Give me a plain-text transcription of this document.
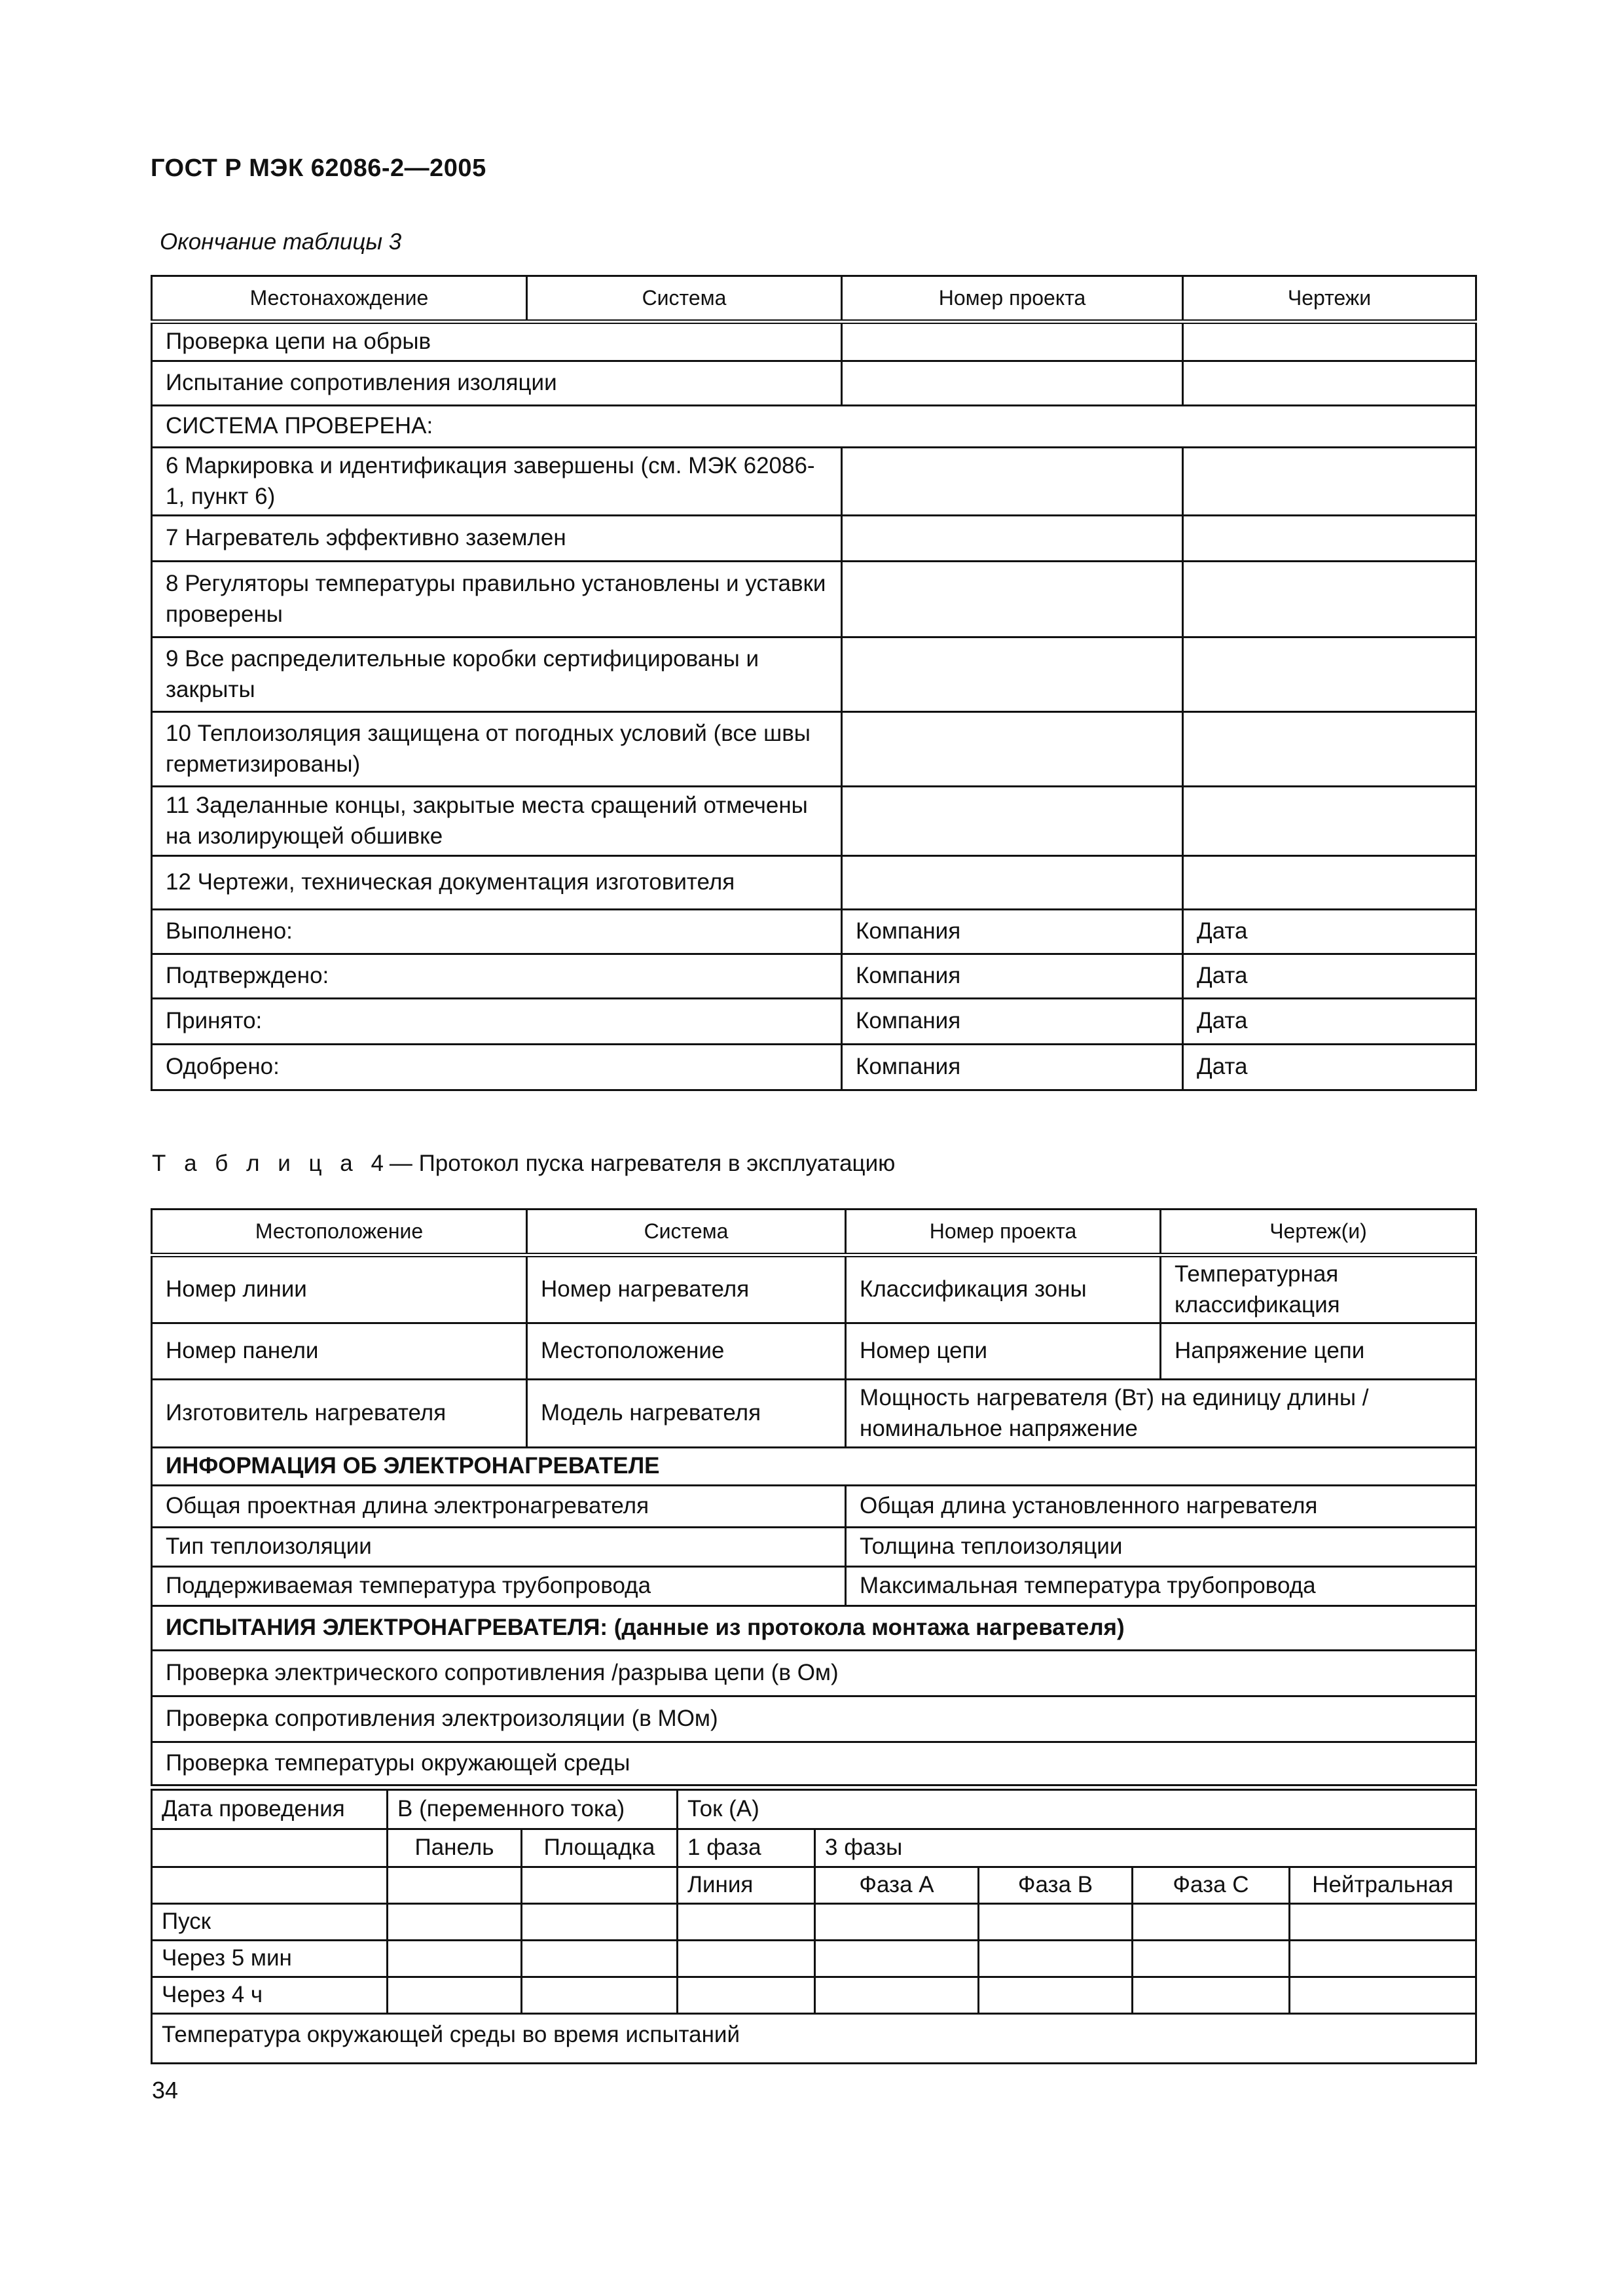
ГОСТ Р МЭК 62086-2—2005
Окончание таблицы 3
Местонахождение	Система	Номер проекта	Чертежи
Проверка цепи на обрыв			
Испытание сопротивления изоляции			
СИСТЕМА ПРОВЕРЕНА:			
6 Маркировка и идентификация завершены (см. МЭК 62086-1, пункт 6)			
7 Нагреватель эффективно заземлен			
8 Регуляторы температуры правильно установлены и уставки проверены			
9 Все распределительные коробки сертифицированы и закрыты			
10 Теплоизоляция защищена от погодных условий (все швы герметизированы)			
11 Заделанные концы, закрытые места сращений отмечены на изолирующей обшивке			
12 Чертежи, техническая документация изготовителя			
Выполнено:		Компания	Дата
Подтверждено:		Компания	Дата
Принято:		Компания	Дата
Одобрено:		Компания	Дата
Т а б л и ц а 4— Протокол пуска нагревателя в эксплуатацию
Местоположение	Система	Номер проекта	Чертеж(и)
Номер линии	Номер нагревателя	Классификация зоны	Температурная классификация
Номер панели	Местоположение	Номер цепи	Напряжение цепи
Изготовитель нагревателя	Модель нагревателя	Мощность нагревателя (Вт) на единицу длины / номинальное напряжение	
ИНФОРМАЦИЯ ОБ ЭЛЕКТРОНАГРЕВАТЕЛЕ			
Общая проектная длина электронагревателя		Общая длина установленного нагревателя	
Тип теплоизоляции		Толщина теплоизоляции	
Поддерживаемая температура трубопровода		Максимальная температура трубопровода	
ИСПЫТАНИЯ ЭЛЕКТРОНАГРЕВАТЕЛЯ: (данные из протокола монтажа нагревателя)			
Проверка электрического сопротивления /разрыва цепи (в Ом)			
Проверка сопротивления электроизоляции (в МОм)			
Проверка температуры окружающей среды			
Дата проведения	В (переменного тока)		Ток (А)				
	Панель	Площадка	1 фаза	3 фазы			
			Линия	Фаза А	Фаза В	Фаза С	Нейтральная
Пуск							
Через 5 мин							
Через 4 ч							
Температура окружающей среды во время испытаний							
34
